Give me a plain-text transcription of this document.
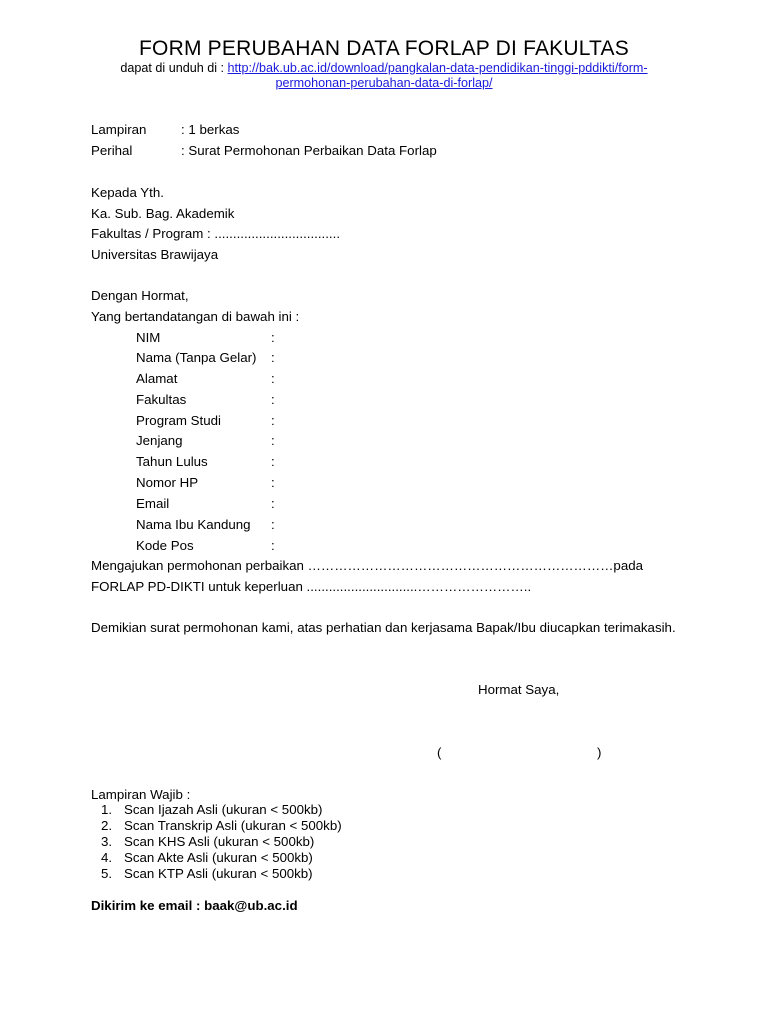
FORM PERUBAHAN DATA FORLAP DI FAKULTAS
dapat di unduh di : http://bak.ub.ac.id/download/pangkalan-data-pendidikan-tinggi-pddikti/form-
permohonan-perubahan-data-di-forlap/
Lampiran	: 1 berkas
Perihal	: Surat Permohonan Perbaikan Data Forlap
Kepada Yth.
Ka. Sub. Bag. Akademik
Fakultas / Program : ..................................
Universitas Brawijaya
Dengan Hormat,
Yang bertandatangan di bawah ini :
NIM	:
Nama (Tanpa Gelar) :
Alamat	:
Fakultas	:
Program Studi	:
Jenjang	:
Tahun Lulus	:
Nomor HP	:
Email	:
Nama Ibu Kandung :
Kode Pos	:
Mengajukan permohonan perbaikan ……………………………………………………………pada
FORLAP PD-DIKTI untuk keperluan ..............................……………………..
Demikian surat permohonan kami, atas perhatian dan kerjasama Bapak/Ibu diucapkan terimakasih.
Hormat Saya,
(	)
Lampiran Wajib :
1. Scan Ijazah Asli (ukuran < 500kb)
2. Scan Transkrip Asli (ukuran < 500kb)
3. Scan KHS Asli (ukuran < 500kb)
4. Scan Akte Asli (ukuran < 500kb)
5. Scan KTP Asli (ukuran < 500kb)
Dikirim ke email : baak@ub.ac.id
